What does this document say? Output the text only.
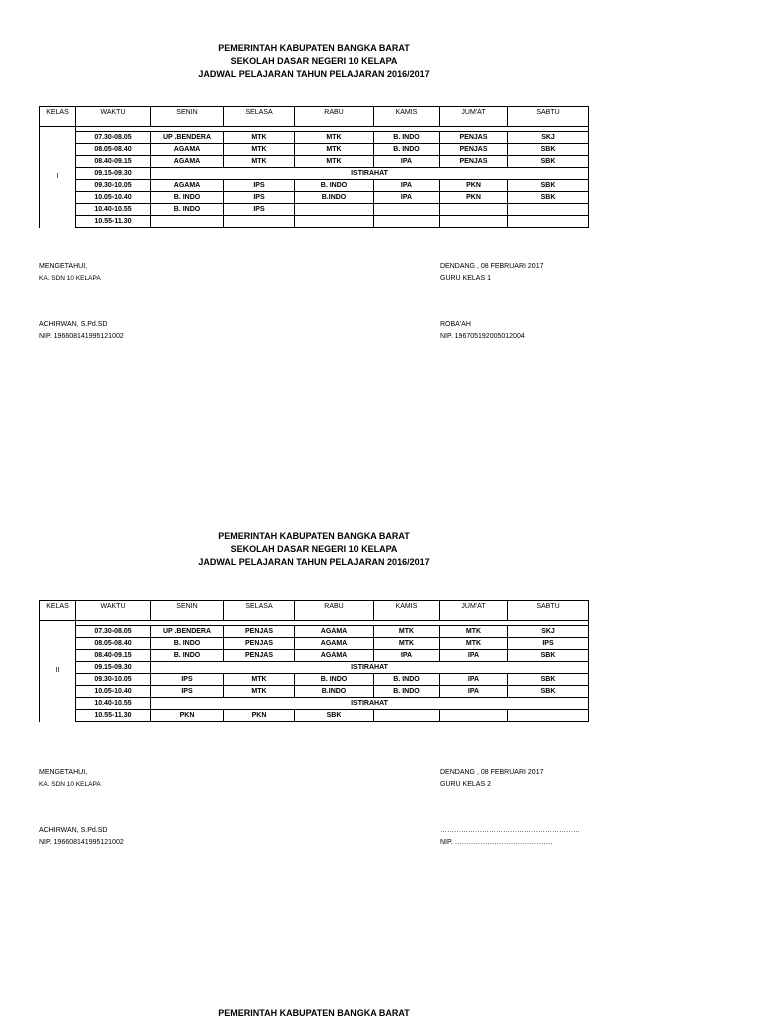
PEMERINTAH KABUPATEN BANGKA BARAT
SEKOLAH DASAR NEGERI 10 KELAPA
JADWAL PELAJARAN TAHUN PELAJARAN 2016/2017
KELAS	WAKTU	SENIN	SELASA	RABU	KAMIS	JUM'AT	SABTU
I							
	07.30-08.05	UP .BENDERA	MTK	MTK	B. INDO	PENJAS	SKJ
	08.05-08.40	AGAMA	MTK	MTK	B. INDO	PENJAS	SBK
	08.40-09.15	AGAMA	MTK	MTK	IPA	PENJAS	SBK
	09.15-09.30	ISTIRAHAT					
	09.30-10.05	AGAMA	IPS	B. INDO	IPA	PKN	SBK
	10.05-10.40	B. INDO	IPS	B.INDO	IPA	PKN	SBK
	10.40-10.55	B. INDO	IPS				
	10.55-11.30						
MENGETAHUI,
KA. SDN 10 KELAPA
ACHIRWAN, S.Pd.SD
NIP. 196608141995121002
DENDANG , 08 FEBRUARI 2017
GURU KELAS 1
ROBA'AH
NIP. 196705192005012004
PEMERINTAH KABUPATEN BANGKA BARAT
SEKOLAH DASAR NEGERI 10 KELAPA
JADWAL PELAJARAN TAHUN PELAJARAN 2016/2017
KELAS	WAKTU	SENIN	SELASA	RABU	KAMIS	JUM'AT	SABTU
II							
	07.30-08.05	UP .BENDERA	PENJAS	AGAMA	MTK	MTK	SKJ
	08.05-08.40	B. INDO	PENJAS	AGAMA	MTK	MTK	IPS
	08.40-09.15	B. INDO	PENJAS	AGAMA	IPA	IPA	SBK
	09.15-09.30	ISTIRAHAT					
	09.30-10.05	IPS	MTK	B. INDO	B. INDO	IPA	SBK
	10.05-10.40	IPS	MTK	B.INDO	B. INDO	IPA	SBK
	10.40-10.55	ISTIRAHAT					
	10.55-11.30	PKN	PKN	SBK			
MENGETAHUI,
KA. SDN 10 KELAPA
ACHIRWAN, S.Pd.SD
NIP. 196608141995121002
DENDANG , 08 FEBRUARI 2017
GURU KELAS 2
……………………………………………………
NIP. ……………………………………
PEMERINTAH KABUPATEN BANGKA BARAT
